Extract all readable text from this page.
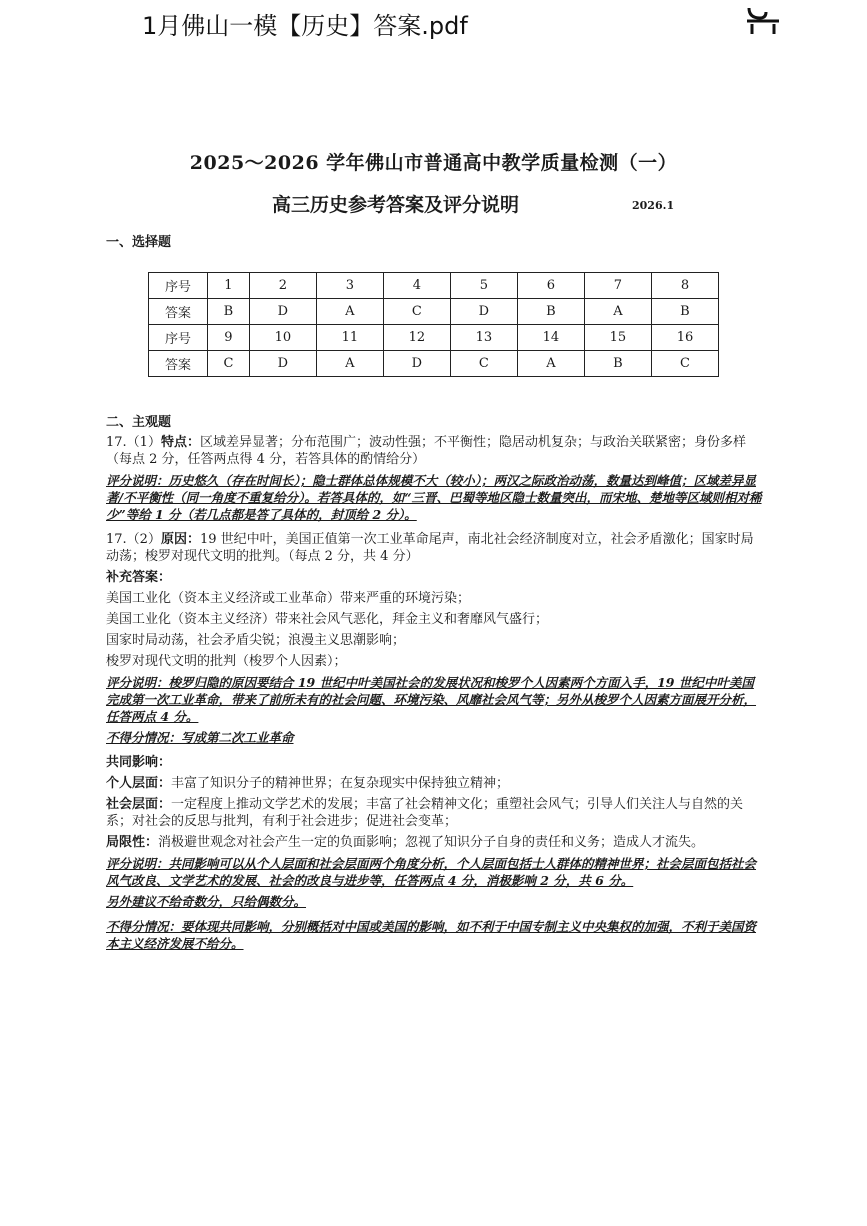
1月佛山一模【历史】答案.pdf
2025～2026 学年佛山市普通高中教学质量检测（一）
高三历史参考答案及评分说明	2026.1
一、选择题
序号	1	2	3	4	5	6	7	8
答案	B	D	A	C	D	B	A	B
序号	9	10	11	12	13	14	15	16
答案	C	D	A	D	C	A	B	C
二、主观题

17.（1）特点：区域差异显著；分布范围广；波动性强；不平衡性；隐居动机复杂；与政治关联紧密；身份多样（每点 2 分，任答两点得 4 分，若答具体的酌情给分）

评分说明：历史悠久（存在时间长）；隐士群体总体规模不大（较小）；两汉之际政治动荡，数量达到峰值；区域差异显著/不平衡性（同一角度不重复给分）。若答具体的，如“三晋、巴蜀等地区隐士数量突出，而宋地、楚地等区域则相对稀少”等给 1 分（若几点都是答了具体的，封顶给 2 分）。

17.（2）原因：19 世纪中叶，美国正值第一次工业革命尾声，南北社会经济制度对立，社会矛盾激化；国家时局动荡；梭罗对现代文明的批判。（每点 2 分，共 4 分）

补充答案：

美国工业化（资本主义经济或工业革命）带来严重的环境污染；

美国工业化（资本主义经济）带来社会风气恶化，拜金主义和奢靡风气盛行；

国家时局动荡，社会矛盾尖锐；浪漫主义思潮影响；

梭罗对现代文明的批判（梭罗个人因素）；

评分说明：梭罗归隐的原因要结合 19 世纪中叶美国社会的发展状况和梭罗个人因素两个方面入手，19 世纪中叶美国完成第一次工业革命，带来了前所未有的社会问题、环境污染、风靡社会风气等；另外从梭罗个人因素方面展开分析，任答两点 4 分。

不得分情况：写成第二次工业革命

共同影响：

个人层面：丰富了知识分子的精神世界；在复杂现实中保持独立精神；

社会层面：一定程度上推动文学艺术的发展；丰富了社会精神文化；重塑社会风气；引导人们关注人与自然的关系；对社会的反思与批判，有利于社会进步；促进社会变革；

局限性：消极避世观念对社会产生一定的负面影响；忽视了知识分子自身的责任和义务；造成人才流失。

评分说明：共同影响可以从个人层面和社会层面两个角度分析，个人层面包括士人群体的精神世界；社会层面包括社会风气改良、文学艺术的发展、社会的改良与进步等，任答两点 4 分，消极影响 2 分，共 6 分。

另外建议不给奇数分，只给偶数分。

不得分情况：要体现共同影响，分别概括对中国或美国的影响，如不利于中国专制主义中央集权的加强，不利于美国资本主义经济发展不给分。
